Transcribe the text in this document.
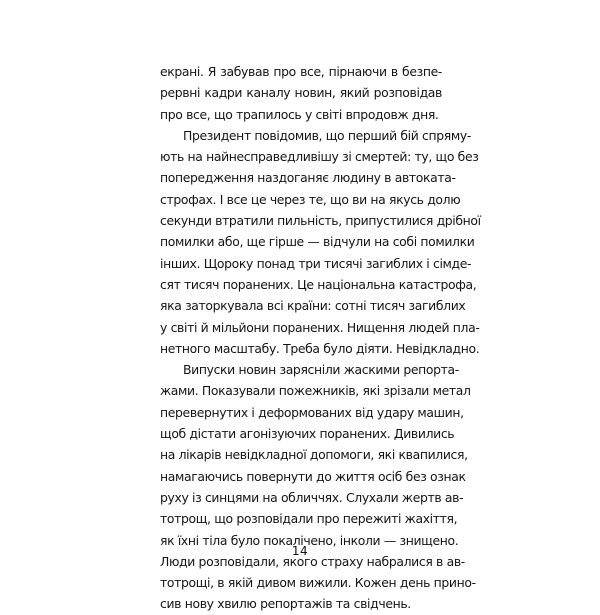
екрані. Я забував про все, пірнаючи в безпе-
рервні кадри каналу новин, який розповідав
про все, що трапилось у світі впродовж дня.
Президент повідомив, що перший бій спряму-
ють на найнесправедливішу зі смертей: ту, що без
попередження наздоганяє людину в автоката-
строфах. І все це через те, що ви на якусь долю
секунди втратили пильність, припустилися дрібної
помилки або, ще гірше — відчули на собі помилки
інших. Щороку понад три тисячі загиблих і сімде-
сят тисяч поранених. Це національна катастрофа,
яка заторкувала всі країни: сотні тисяч загиблих
у світі й мільйони поранених. Нищення людей пла-
нетного масштабу. Треба було діяти. Невідкладно.
Випуски новин зарясніли жаскими репорта-
жами. Показували пожежників, які зрізали метал
перевернутих і деформованих від удару машин,
щоб дістати агонізуючих поранених. Дивились
на лікарів невідкладної допомоги, які квапилися,
намагаючись повернути до життя осіб без ознак
руху із синцями на обличчях. Слухали жертв ав-
тотрощ, що розповідали про пережиті жахіття,
як їхні тіла було покалічено, інколи — знищено.
Люди розповідали, якого страху набралися в ав-
тотрощі, в якій дивом вижили. Кожен день прино-
сив нову хвилю репортажів та свідчень.
14
